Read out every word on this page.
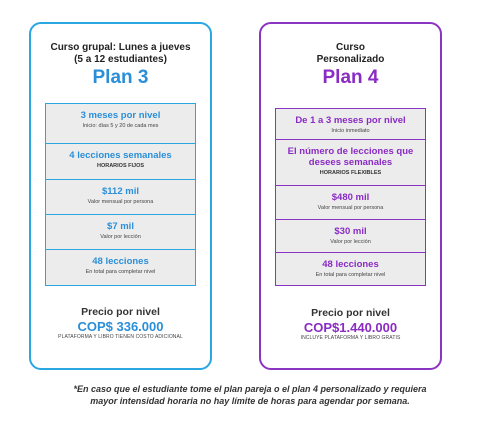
Curso grupal: Lunes a jueves
(5 a 12 estudiantes)
Plan 3
3 meses por nivel
Inicio: días 5 y 20 de cada mes
4 lecciones semanales
HORARIOS FIJOS
$112 mil
Valor mensual por persona
$7 mil
Valor por lección
48 lecciones
En total para completar nivel
Precio por nivel
COP$ 336.000
PLATAFORMA Y LIBRO TIENEN COSTO ADICIONAL
Curso
Personalizado
Plan 4
De 1 a 3 meses por nivel
Inicio inmediato
El número de lecciones que desees semanales
HORARIOS FLEXIBLES
$480 mil
Valor mensual por persona
$30 mil
Valor por lección
48 lecciones
En total para completar nivel
Precio por nivel
COP$1.440.000
INCLUYE PLATAFORMA Y LIBRO GRATIS
*En caso que el estudiante tome el plan pareja o el plan 4 personalizado y requiera
mayor intensidad horaria no hay límite de horas para agendar por semana.
